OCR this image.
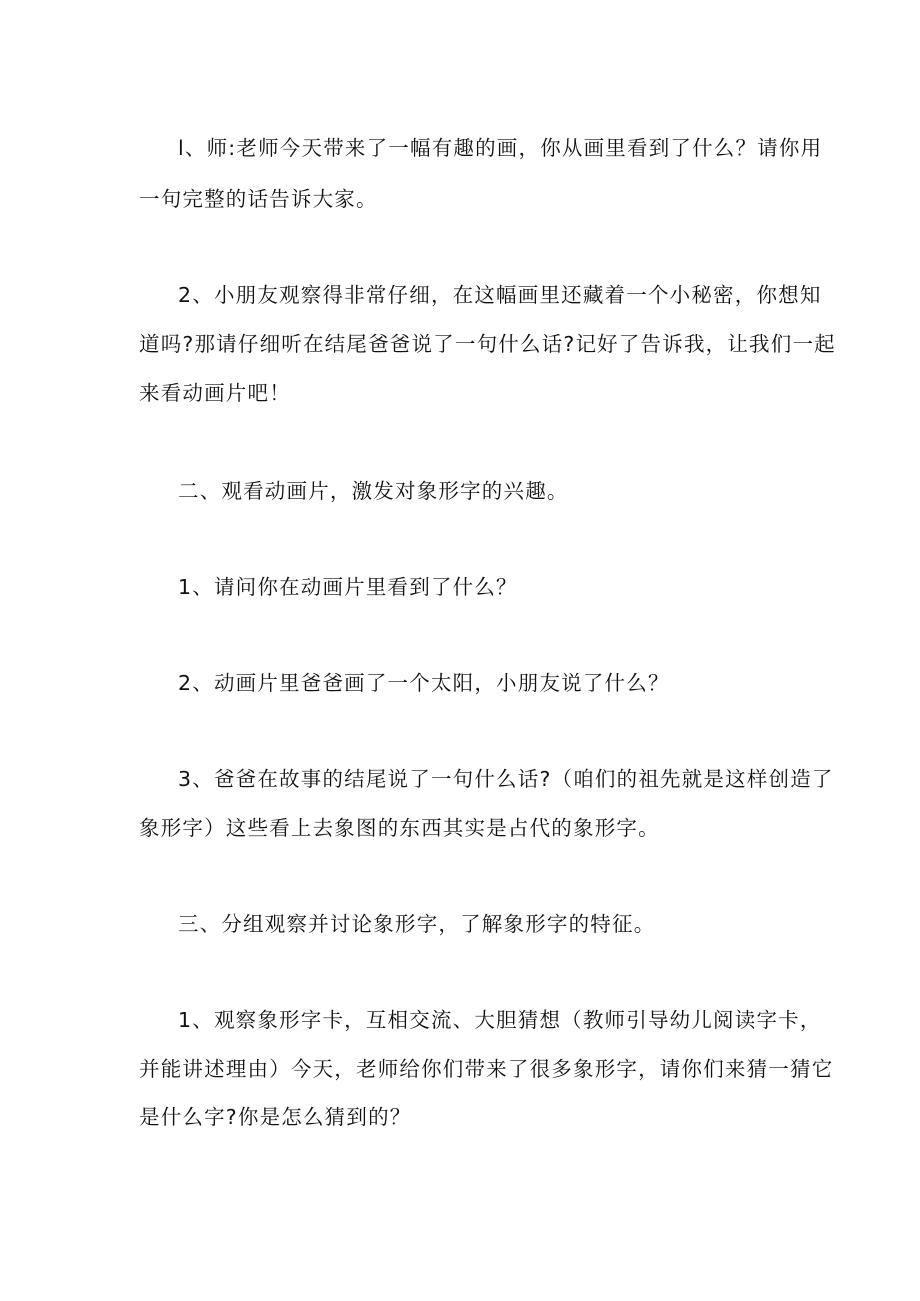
l、师:老师今天带来了一幅有趣的画，你从画里看到了什么？请你用
一句完整的话告诉大家。
2、小朋友观察得非常仔细，在这幅画里还藏着一个小秘密，你想知
道吗?那请仔细听在结尾爸爸说了一句什么话?记好了告诉我，让我们一起
来看动画片吧！
二、观看动画片，激发对象形字的兴趣。
1、请问你在动画片里看到了什么？
2、动画片里爸爸画了一个太阳，小朋友说了什么？
3、爸爸在故事的结尾说了一句什么话?（咱们的祖先就是这样创造了
象形字）这些看上去象图的东西其实是占代的象形字。
三、分组观察并讨论象形字，了解象形字的特征。
1、观察象形字卡，互相交流、大胆猜想（教师引导幼儿阅读字卡，
并能讲述理由）今天，老师给你们带来了很多象形字，请你们来猜一猜它
是什么字?你是怎么猜到的？
